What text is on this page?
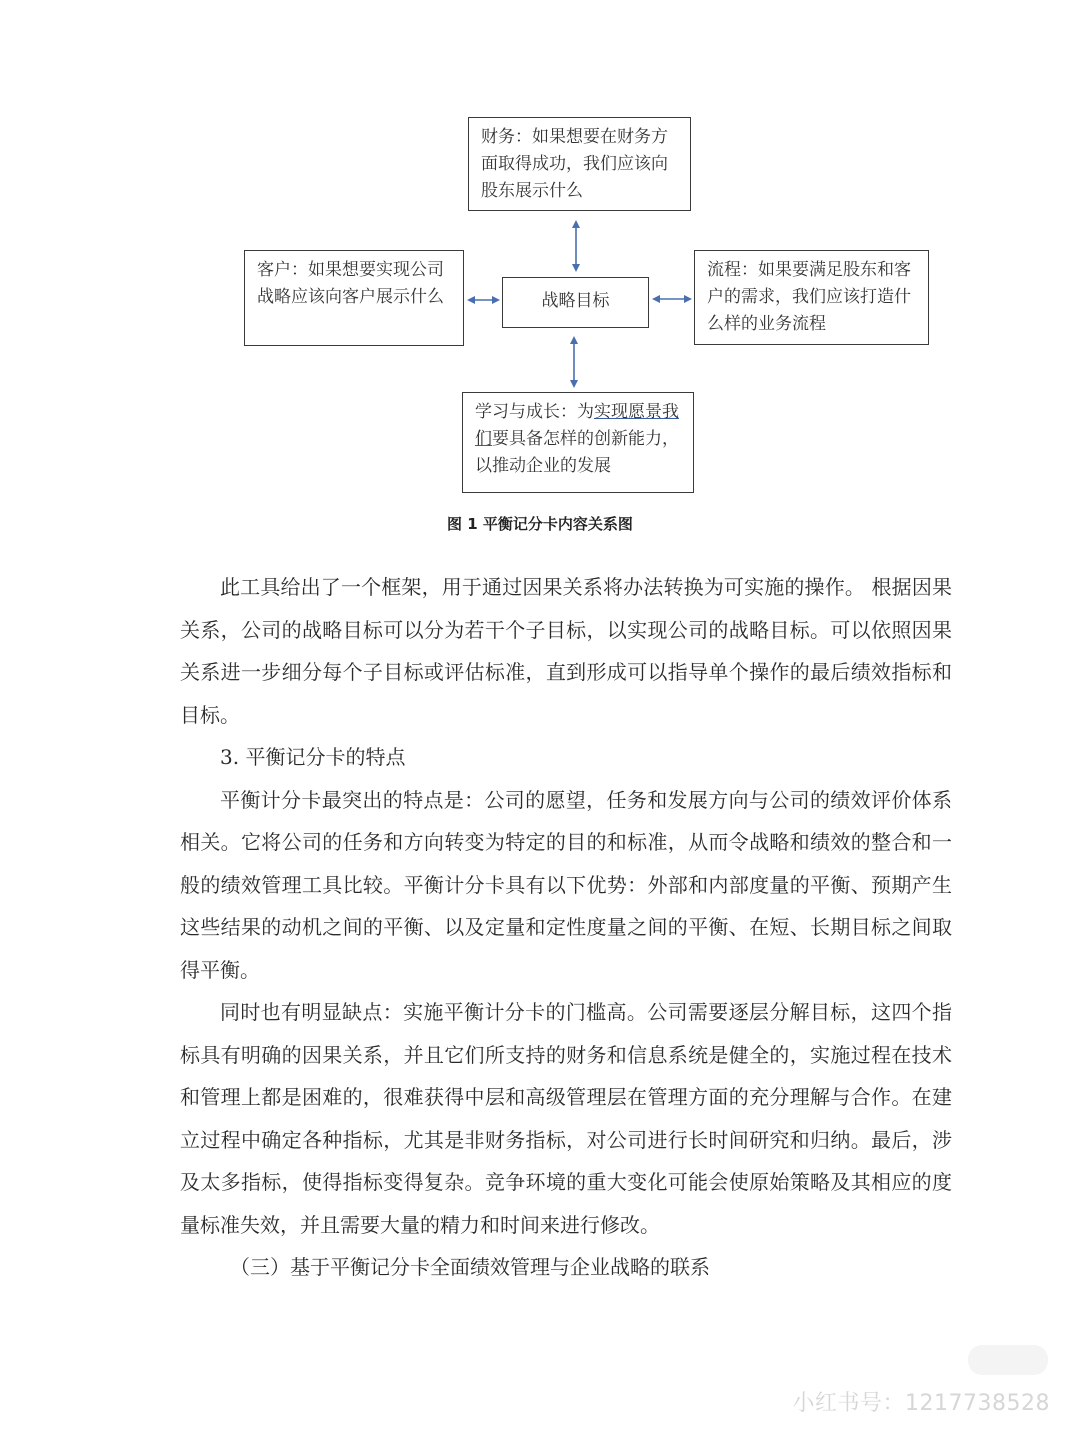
财务：如果想要在财务方面取得成功，我们应该向股东展示什么
客户：如果想要实现公司战略应该向客户展示什么	战略目标
流程：如果要满足股东和客户的需求，我们应该打造什么样的业务流程
学习与成长：为实现愿景我们要具备怎样的创新能力，以推动企业的发展
图 1 平衡记分卡内容关系图

此工具给出了一个框架，用于通过因果关系将办法转换为可实施的操作。 根据因果关系，公司的战略目标可以分为若干个子目标，以实现公司的战略目标。可以依照因果关系进一步细分每个子目标或评估标准，直到形成可以指导单个操作的最后绩效指标和目标。

3. 平衡记分卡的特点

平衡计分卡最突出的特点是：公司的愿望，任务和发展方向与公司的绩效评价体系相关。它将公司的任务和方向转变为特定的目的和标准，从而令战略和绩效的整合和一般的绩效管理工具比较。平衡计分卡具有以下优势：外部和内部度量的平衡、预期产生这些结果的动机之间的平衡、以及定量和定性度量之间的平衡、在短、长期目标之间取得平衡。

同时也有明显缺点：实施平衡计分卡的门槛高。公司需要逐层分解目标，这四个指标具有明确的因果关系，并且它们所支持的财务和信息系统是健全的，实施过程在技术和管理上都是困难的，很难获得中层和高级管理层在管理方面的充分理解与合作。在建立过程中确定各种指标，尤其是非财务指标，对公司进行长时间研究和归纳。最后，涉及太多指标，使得指标变得复杂。竞争环境的重大变化可能会使原始策略及其相应的度量标准失效，并且需要大量的精力和时间来进行修改。

（三）基于平衡记分卡全面绩效管理与企业战略的联系

小红书号：1217738528
